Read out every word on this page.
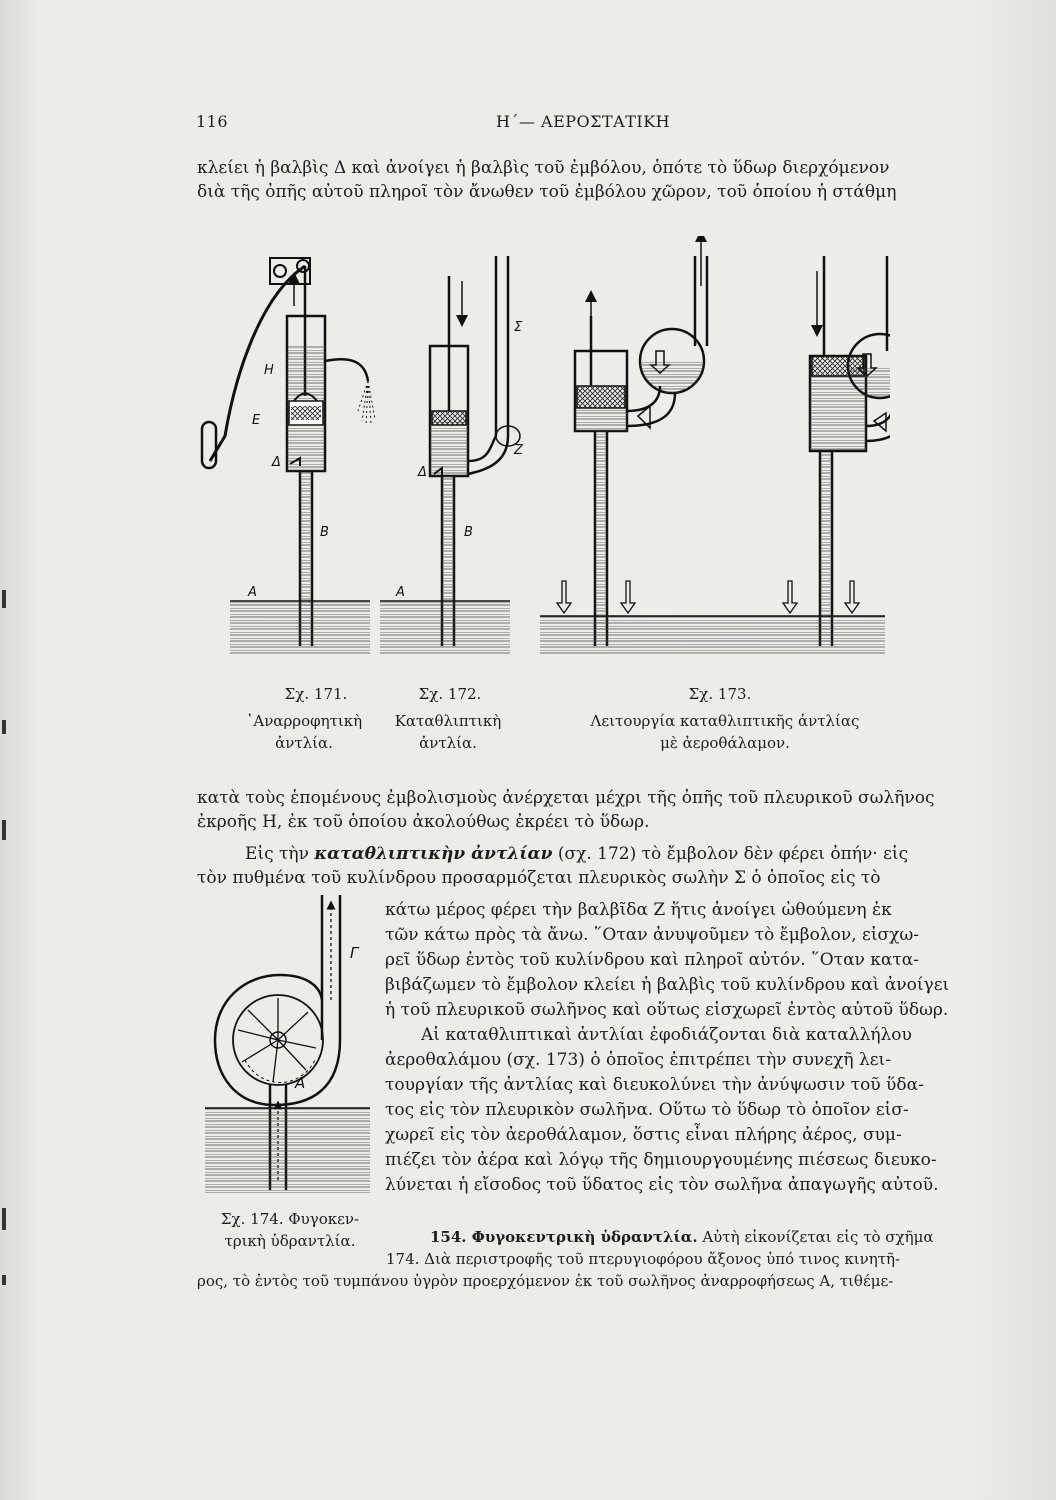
116	Η΄— ΑΕΡΟΣΤΑΤΙΚΗ
κλείει ἡ βαλβὶς Δ καὶ ἀνοίγει ἡ βαλβὶς τοῦ ἐμβόλου, ὁπότε τὸ ὕδωρ διερχόμενον
διὰ τῆς ὀπῆς αὐτοῦ πληροῖ τὸν ἄνωθεν τοῦ ἐμβόλου χῶρον, τοῦ ὁποίου ἡ στάθμη
Η
Ε
Δ
Β
Α
Σ
Ζ
Δ
Β
Α
Σχ. 171.
᾿Αναρροφητικὴ
ἀντλία.
Σχ. 172.
Καταθλιπτικὴ
ἀντλία.
Σχ. 173.
Λειτουργία καταθλιπτικῆς ἀντλίας
μὲ ἀεροθάλαμον.
κατὰ τοὺς ἑπομένους ἐμβολισμοὺς ἀνέρχεται μέχρι τῆς ὀπῆς τοῦ πλευρικοῦ σωλῆνος
ἐκροῆς Η, ἐκ τοῦ ὁποίου ἀκολούθως ἐκρέει τὸ ὕδωρ.
Εἰς τὴν καταθλιπτικὴν ἀντλίαν (σχ. 172) τὸ ἔμβολον δὲν φέρει ὀπήν· εἰς
τὸν πυθμένα τοῦ κυλίνδρου προσαρμόζεται πλευρικὸς σωλὴν Σ ὁ ὁποῖος εἰς τὸ
Γ
Α
Σχ. 174. Φυγοκεν-
τρικὴ ὑδραντλία.
κάτω μέρος φέρει τὴν βαλβῖδα Ζ ἥτις ἀνοίγει ὠθούμενη ἐκ
τῶν κάτω πρὸς τὰ ἄνω. ῞Οταν ἀνυψοῦμεν τὸ ἔμβολον, εἰσχω-
ρεῖ ὕδωρ ἐντὸς τοῦ κυλίνδρου καὶ πληροῖ αὐτόν. ῞Οταν κατα-
βιβάζωμεν τὸ ἔμβολον κλείει ἡ βαλβὶς τοῦ κυλίνδρου καὶ ἀνοίγει
ἡ τοῦ πλευρικοῦ σωλῆνος καὶ οὕτως εἰσχωρεῖ ἐντὸς αὐτοῦ ὕδωρ.
Αἱ καταθλιπτικαὶ ἀντλίαι ἐφοδιάζονται διὰ καταλλήλου
ἀεροθαλάμου (σχ. 173) ὁ ὁποῖος ἐπιτρέπει τὴν συνεχῆ λει-
τουργίαν τῆς ἀντλίας καὶ διευκολύνει τὴν ἀνύψωσιν τοῦ ὕδα-
τος εἰς τὸν πλευρικὸν σωλῆνα. Οὕτω τὸ ὕδωρ τὸ ὁποῖον εἰσ-
χωρεῖ εἰς τὸν ἀεροθάλαμον, ὅστις εἶναι πλήρης ἀέρος, συμ-
πιέζει τὸν ἀέρα καὶ λόγῳ τῆς δημιουργουμένης πιέσεως διευκο-
λύνεται ἡ εἴσοδος τοῦ ὕδατος εἰς τὸν σωλῆνα ἀπαγωγῆς αὐτοῦ.
154. Φυγοκεντρικὴ ὑδραντλία. Αὐτὴ εἰκονίζεται εἰς τὸ σχῆμα
174. Διὰ περιστροφῆς τοῦ πτερυγιοφόρου ἄξονος ὑπό τινος κινητῆ-
ρος, τὸ ἐντὸς τοῦ τυμπάνου ὑγρὸν προερχόμενον ἐκ τοῦ σωλῆνος ἀναρροφήσεως Α, τιθέμε-
